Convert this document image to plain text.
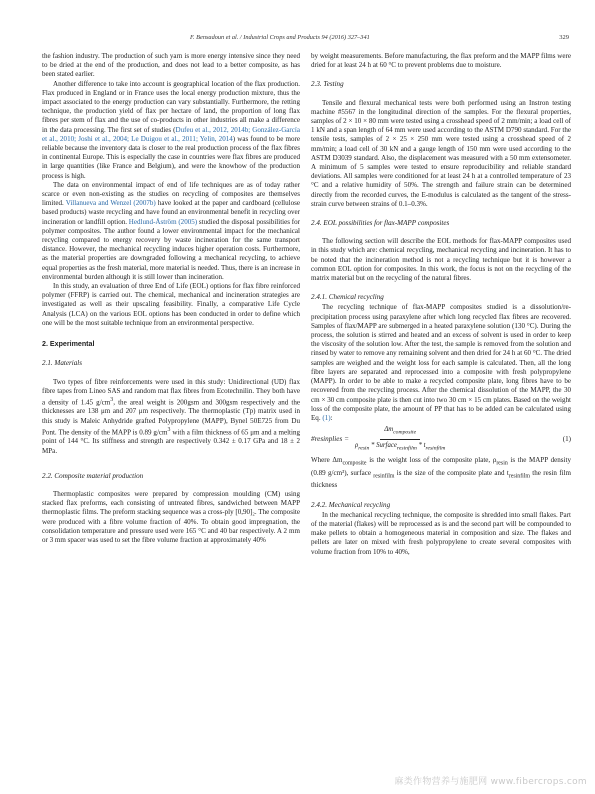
F. Bensadoun et al. / Industrial Crops and Products 94 (2016) 327–341	329

the fashion industry. The production of such yarn is more energy intensive since they need to be dried at the end of the production, and does not lead to a better composite, as has been stated earlier.

Another difference to take into account is geographical location of the flax production. Flax produced in England or in France uses the local energy production mixture, thus the impact associated to the energy production can vary substantially. Furthermore, the retting technique, the production yield of flax per hectare of land, the proportion of long flax fibres per stem of flax and the use of co-products in other industries all make a difference in the data processing. The first set of studies (Dufeu et al., 2012, 2014b; González-García et al., 2010; Joshi et al., 2004; Le Duigou et al., 2011; Yelin, 2014) was found to be more reliable because the inventory data is closer to the real production process of the flax fibres in continental Europe. This is especially the case in countries were flax fibres are produced in large quantities (like France and Belgium), and were the knowhow of the production process is high.

The data on environmental impact of end of life techniques are as of today rather scarce or even non-existing as the studies on recycling of composites are themselves limited. Villanueva and Wenzel (2007b) have looked at the paper and cardboard (cellulose based products) waste recycling and have found an environmental benefit in recycling over incineration or landfill option. Hedlund-Åström (2005) studied the disposal possibilities for polymer composites. The author found a lower environmental impact for the mechanical recycling compared to energy recovery by waste incineration for the same transport distance. However, the mechanical recycling induces higher operation costs. Furthermore, as the material properties are downgraded following a mechanical recycling, to achieve equal properties as the fresh material, more material is needed. Thus, there is an increase in environmental burden although it is still lower than incineration.

In this study, an evaluation of three End of Life (EOL) options for flax fibre reinforced polymer (FFRP) is carried out. The chemical, mechanical and incineration strategies are investigated as well as their upscaling feasibility. Finally, a comparative Life Cycle Analysis (LCA) on the various EOL options has been conducted in order to define which one will be the most suitable technique from an environmental perspective.

2. Experimental
2.1. Materials

Two types of fibre reinforcements were used in this study: Unidirectional (UD) flax fibre tapes from Lineo SAS and random mat flax fibres from Ecotechnilin. They both have a density of 1.45 $g/cm^3$, the areal weight is 200gsm and 300gsm respectively and the thicknesses are 138 μm and 207 μm respectively. The thermoplastic (Tp) matrix used in this study is Maleic Anhydride grafted Polypropylene (MAPP), Bynel 50E725 from Du Pont. The density of the MAPP is 0.89 $g/cm^3$ with a film thickness of 65 μm and a melting point of 144 °C. Its stiffness and strength are respectively 0.342 ± 0.17 GPa and 18 ± 2 MPa.

2.2. Composite material production

Thermoplastic composites were prepared by compression moulding (CM) using stacked flax preforms, each consisting of untreated fibres, sandwiched between MAPP thermoplastic films. The preform stacking sequence was a cross-ply [0,90]₂. The composite were produced with a fibre volume fraction of 40%. To obtain good impregnation, the consolidation temperature and pressure used were 165 °C and 40 bar respectively. A 2 mm or 3 mm spacer was used to set the fibre volume fraction at approximately 40%

by weight measurements. Before manufacturing, the flax preform and the MAPP films were dried for at least 24 h at 60 °C to prevent problems due to moisture.

2.3. Testing

Tensile and flexural mechanical tests were both performed using an Instron testing machine #5567 in the longitudinal direction of the samples. For the flexural properties, samples of 2 × 10 × 80 mm were tested using a crosshead speed of 2 mm/min; a load cell of 1 kN and a span length of 64 mm were used according to the ASTM D790 standard. For the tensile tests, samples of 2 × 25 × 250 mm were tested using a crosshead speed of 2 mm/min; a load cell of 30 kN and a gauge length of 150 mm were used according to the ASTM D3039 standard. Also, the displacement was measured with a 50 mm extensometer. A minimum of 5 samples were tested to ensure reproducibility and reliable standard deviations. All samples were conditioned for at least 24 h at a controlled temperature of 23 °C and a relative humidity of 50%. The strength and failure strain can be determined directly from the recorded curves, the E-modulus is calculated as the tangent of the stress-strain curve between strains of 0.1–0.3%.

2.4. EOL possibilities for flax-MAPP composites

The following section will describe the EOL methods for flax-MAPP composites used in this study which are: chemical recycling, mechanical recycling and incineration. It has to be noted that the incineration method is not a recycling technique but it is however a common EOL option for composites. In this work, the focus is not on the recycling of the matrix material but on the recycling of the natural fibres.

2.4.1. Chemical recycling

The recycling technique of flax-MAPP composites studied is a dissolution/re-precipitation process using paraxylene after which long recycled flax fibres are recovered. Samples of flax/MAPP are submerged in a heated paraxylene solution (130 °C). During the process, the solution is stirred and heated and an excess of solvent is used in order to keep the viscosity of the solution low. After the test, the sample is removed from the solution and rinsed by water to remove any remaining solvent and then dried for 24 h at 60 °C. The dried samples are weighed and the weight loss for each sample is calculated. Then, all the long fibre layers are separated and reprocessed into a composite with fresh polypropylene (MAPP). In order to be able to make a recycled composite plate, long fibres have to be recovered from the recycling process. After the chemical dissolution of the MAPP, the 30 cm × 30 cm composite plate is then cut into two 30 cm × 15 cm plates. Based on the weight loss of the composite plate, the amount of PP that has to be added can be calculated using Eq. (1):

#resinplies = $\frac{\Delta m_{composite}}{\rho_{resin} * Surface_{resinfilm} * t_{resinfilm}}$	(1)

Where $\Delta m_{composite}$ is the weight loss of the composite plate, $\rho_{resin}$ is the MAPP density (0.89 g/cm³), surface $_{resinfilm}$ is the size of the composite plate and $t_{resinfilm}$ the resin film thickness

2.4.2. Mechanical recycling

In the mechanical recycling technique, the composite is shredded into small flakes. Part of the material (flakes) will be reprocessed as is and the second part will be compounded to make pellets to obtain a homogeneous material in composition and size. The flakes and pellets are later on mixed with fresh polypropylene to create several composites with volume fraction from 10% to 40%,

麻类作物营养与施肥网 www.fibercrops.com
